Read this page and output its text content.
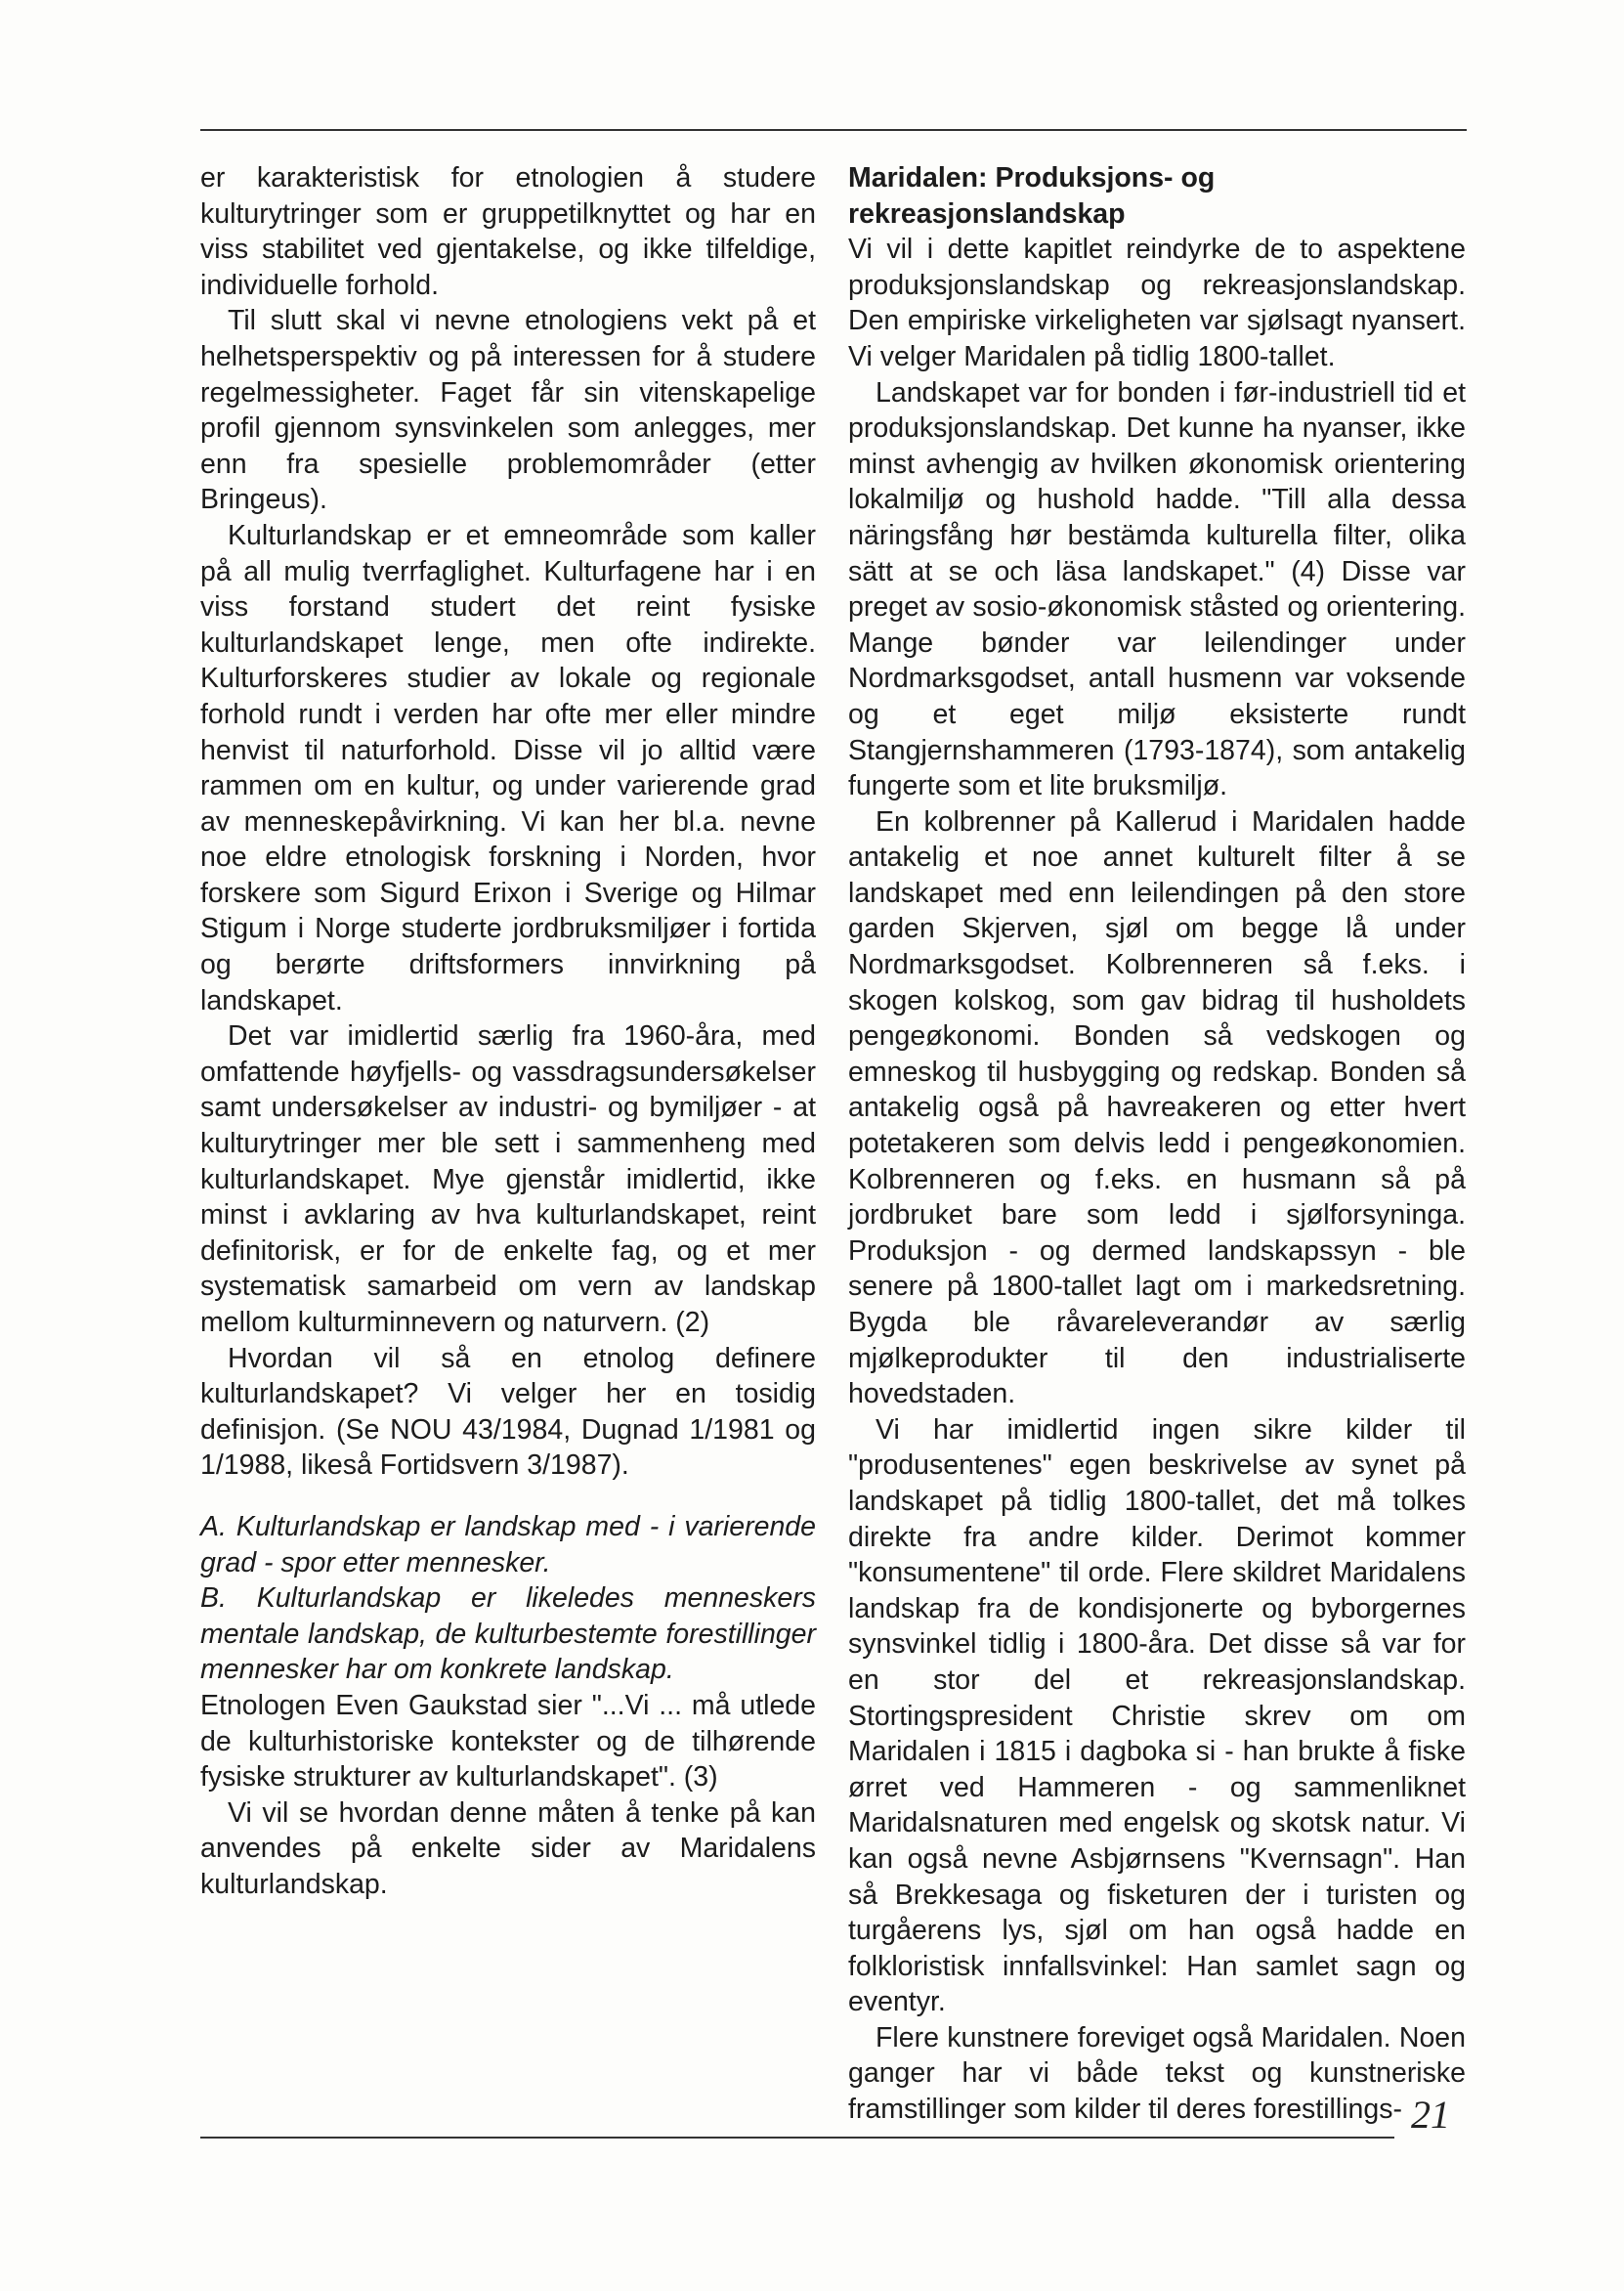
er karakteristisk for etnologien å studere kulturytringer som er gruppetilknyttet og har en viss stabilitet ved gjentakelse, og ikke tilfeldige, individuelle forhold.

Til slutt skal vi nevne etnologiens vekt på et helhetsperspektiv og på interessen for å studere regelmessigheter. Faget får sin vitenskapelige profil gjennom synsvinkelen som anlegges, mer enn fra spesielle problemområder (etter Bringeus).

Kulturlandskap er et emneområde som kaller på all mulig tverrfaglighet. Kulturfagene har i en viss forstand studert det reint fysiske kulturlandskapet lenge, men ofte indirekte. Kulturforskeres studier av lokale og regionale forhold rundt i verden har ofte mer eller mindre henvist til naturforhold. Disse vil jo alltid være rammen om en kultur, og under varierende grad av menneskepåvirkning. Vi kan her bl.a. nevne noe eldre etnologisk forskning i Norden, hvor forskere som Sigurd Erixon i Sverige og Hilmar Stigum i Norge studerte jordbruksmiljøer i fortida og berørte driftsformers innvirkning på landskapet.

Det var imidlertid særlig fra 1960-åra, med omfattende høyfjells- og vassdragsundersøkelser samt undersøkelser av industri- og bymiljøer - at kulturytringer mer ble sett i sammenheng med kulturlandskapet. Mye gjenstår imidlertid, ikke minst i avklaring av hva kulturlandskapet, reint definitorisk, er for de enkelte fag, og et mer systematisk samarbeid om vern av landskap mellom kulturminnevern og naturvern. (2)

Hvordan vil så en etnolog definere kulturlandskapet? Vi velger her en tosidig definisjon. (Se NOU 43/1984, Dugnad 1/1981 og 1/1988, likeså Fortidsvern 3/1987).

A. Kulturlandskap er landskap med - i varierende grad - spor etter mennesker.

B. Kulturlandskap er likeledes menneskers mentale landskap, de kulturbestemte forestillinger mennesker har om konkrete landskap.

Etnologen Even Gaukstad sier "...Vi ... må utlede de kulturhistoriske kontekster og de tilhørende fysiske strukturer av kulturlandskapet". (3)

Vi vil se hvordan denne måten å tenke på kan anvendes på enkelte sider av Maridalens kulturlandskap.

Maridalen: Produksjons- og rekreasjonslandskap

Vi vil i dette kapitlet reindyrke de to aspektene produksjonslandskap og rekreasjonslandskap. Den empiriske virkeligheten var sjølsagt nyansert. Vi velger Maridalen på tidlig 1800-tallet.

Landskapet var for bonden i før-industriell tid et produksjonslandskap. Det kunne ha nyanser, ikke minst avhengig av hvilken økonomisk orientering lokalmiljø og hushold hadde. "Till alla dessa näringsfång hør bestämda kulturella filter, olika sätt at se och läsa landskapet." (4) Disse var preget av sosio-økonomisk ståsted og orientering. Mange bønder var leilendinger under Nordmarksgodset, antall husmenn var voksende og et eget miljø eksisterte rundt Stangjernshammeren (1793-1874), som antakelig fungerte som et lite bruksmiljø.

En kolbrenner på Kallerud i Maridalen hadde antakelig et noe annet kulturelt filter å se landskapet med enn leilendingen på den store garden Skjerven, sjøl om begge lå under Nordmarksgodset. Kolbrenneren så f.eks. i skogen kolskog, som gav bidrag til husholdets pengeøkonomi. Bonden så vedskogen og emneskog til husbygging og redskap. Bonden så antakelig også på havreakeren og etter hvert potetakeren som delvis ledd i pengeøkonomien. Kolbrenneren og f.eks. en husmann så på jordbruket bare som ledd i sjølforsyninga. Produksjon - og dermed landskapssyn - ble senere på 1800-tallet lagt om i markedsretning. Bygda ble råvareleverandør av særlig mjølkeprodukter til den industrialiserte hovedstaden.

Vi har imidlertid ingen sikre kilder til "produsentenes" egen beskrivelse av synet på landskapet på tidlig 1800-tallet, det må tolkes direkte fra andre kilder. Derimot kommer "konsumentene" til orde. Flere skildret Maridalens landskap fra de kondisjonerte og byborgernes synsvinkel tidlig i 1800-åra. Det disse så var for en stor del et rekreasjonslandskap. Stortingspresident Christie skrev om om Maridalen i 1815 i dagboka si - han brukte å fiske ørret ved Hammeren - og sammenliknet Maridalsnaturen med engelsk og skotsk natur. Vi kan også nevne Asbjørnsens "Kvernsagn". Han så Brekkesaga og fisketuren der i turisten og turgåerens lys, sjøl om han også hadde en folkloristisk innfallsvinkel: Han samlet sagn og eventyr.

Flere kunstnere foreviget også Maridalen. Noen ganger har vi både tekst og kunstneriske framstillinger som kilder til deres forestillings- 21
